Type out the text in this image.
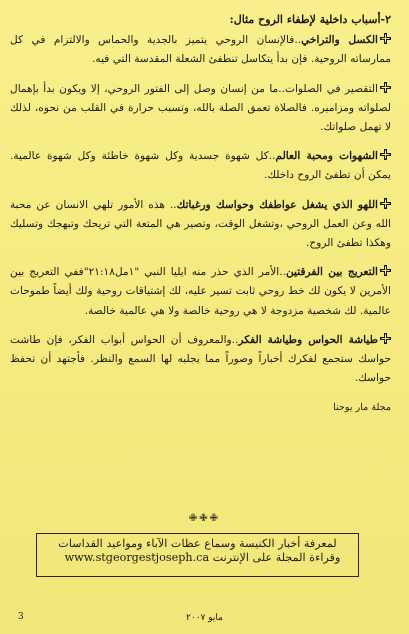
٢-أسباب داخلية لإطفاء الروح مثال:

الكسل والتراخي..فالإنسان الروحي يتميز بالجدية والحماس والالتزام في كل ممارساته الروحية. فإن بدأ يتكاسل تنطفئ الشعلة المقدسة التي فيه.

التقصير في الصلوات..ما من إنسان وصل إلى الفتور الروحي، إلا ويكون بدأ بإهمال لصلواته ومزاميره. فالصلاة تعمق الصلة بالله، وتسبب حرارة في القلب من نحوه، لذلك لا تهمل صلواتك.

الشهوات ومحبة العالم..كل شهوة جسدية وكل شهوة خاطئة وكل شهوة عالمية. يمكن أن تطفئ الروح داخلك.

اللهو الذي يشغل عواطفك وحواسك ورغباتك.. هذه الأمور تلهي الانسان عن محبة الله وعن العمل الروحي ،وتشغل الوقت، وتصير هي المتعة التي تريحك وتبهجك وتسليك وهكذا تطفئ الروح.

التعريج بين الفرقتين..الأمر الذي حذر منه ايليا النبي "١مل٢١:١٨"ففي التعريج بين الأمرين لا يكون لك خط روحي ثابت تسير عليه، لك إشتياقات روحية ولك أيضاً طموحات عالمية. لك شخصية مزدوجة لا هي روحية خالصة ولا هي عالمية خالصة.

طياشة الحواس وطياشة الفكر..والمعروف أن الحواس أبواب الفكر، فإن طاشت حواسك ستجمع لفكرك أخباراً وصوراً مما يجلبه لها السمع والنظر. فأجتهد أن تحفظ حواسك.

مجلة مار يوحنا
✙✙✙
لمعرفة أخبار الكنيسة وسماع عظات الآباء ومواعيد القداسات
وقراءة المجلة على الإنترنت www.stgeorgestjoseph.ca
3	مايو ٢٠٠٧
